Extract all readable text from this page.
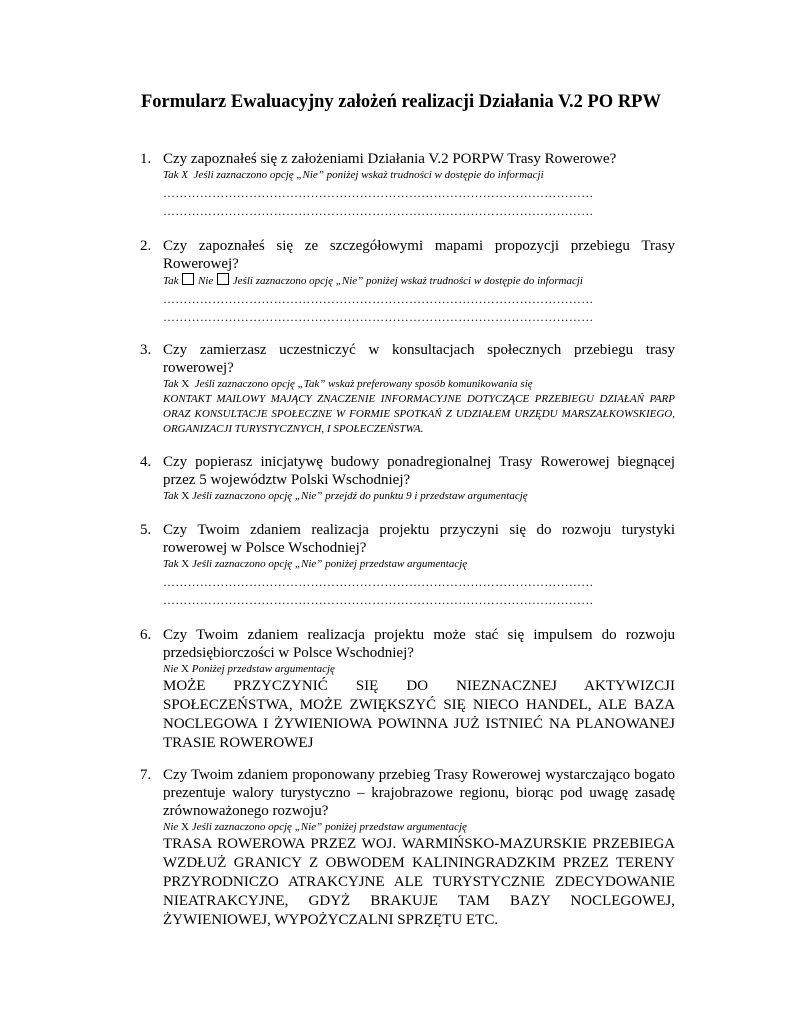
Formularz Ewaluacyjny założeń realizacji Działania V.2 PO RPW
1. Czy zapoznałeś się z założeniami Działania V.2 PORPW Trasy Rowerowe?
Tak X Jeśli zaznaczono opcję „Nie” poniżej wskaż trudności w dostępie do informacji
……………………………………………………………………………………………
……………………………………………………………………………………………
2. Czy zapoznałeś się ze szczegółowymi mapami propozycji przebiegu Trasy Rowerowej?
Tak Nie Jeśli zaznaczono opcję „Nie” poniżej wskaż trudności w dostępie do informacji
……………………………………………………………………………………………
……………………………………………………………………………………………
3. Czy zamierzasz uczestniczyć w konsultacjach społecznych przebiegu trasy rowerowej?
Tak X Jeśli zaznaczono opcję „Tak” wskaż preferowany sposób komunikowania się
KONTAKT MAILOWY MAJĄCY ZNACZENIE INFORMACYJNE DOTYCZĄCE PRZEBIEGU DZIAŁAŃ PARP ORAZ KONSULTACJE SPOŁECZNE W FORMIE SPOTKAŃ Z UDZIAŁEM URZĘDU MARSZAŁKOWSKIEGO, ORGANIZACJI TURYSTYCZNYCH, I SPOŁECZEŃSTWA.
4. Czy popierasz inicjatywę budowy ponadregionalnej Trasy Rowerowej biegnącej przez 5 województw Polski Wschodniej?
Tak X Jeśli zaznaczono opcję „Nie” przejdź do punktu 9 i przedstaw argumentację
5. Czy Twoim zdaniem realizacja projektu przyczyni się do rozwoju turystyki rowerowej w Polsce Wschodniej?
Tak X Jeśli zaznaczono opcję „Nie” poniżej przedstaw argumentację
……………………………………………………………………………………………
……………………………………………………………………………………………
6. Czy Twoim zdaniem realizacja projektu może stać się impulsem do rozwoju przedsiębiorczości w Polsce Wschodniej?
Nie X Poniżej przedstaw argumentację
MOŻE PRZYCZYNIĆ SIĘ DO NIEZNACZNEJ AKTYWIZCJI SPOŁECZEŃSTWA, MOŻE ZWIĘKSZYĆ SIĘ NIECO HANDEL, ALE BAZA NOCLEGOWA I ŻYWIENIOWA POWINNA JUŻ ISTNIEĆ NA PLANOWANEJ TRASIE ROWEROWEJ
7. Czy Twoim zdaniem proponowany przebieg Trasy Rowerowej wystarczająco bogato prezentuje walory turystyczno – krajobrazowe regionu, biorąc pod uwagę zasadę zrównoważonego rozwoju?
Nie X Jeśli zaznaczono opcję „Nie” poniżej przedstaw argumentację
TRASA ROWEROWA PRZEZ WOJ. WARMIŃSKO-MAZURSKIE PRZEBIEGA WZDŁUŻ GRANICY Z OBWODEM KALININGRADZKIM PRZEZ TERENY PRZYRODNICZO ATRAKCYJNE ALE TURYSTYCZNIE ZDECYDOWANIE NIEATRAKCYJNE, GDYŻ BRAKUJE TAM BAZY NOCLEGOWEJ, ŻYWIENIOWEJ, WYPOŻYCZALNI SPRZĘTU ETC.
